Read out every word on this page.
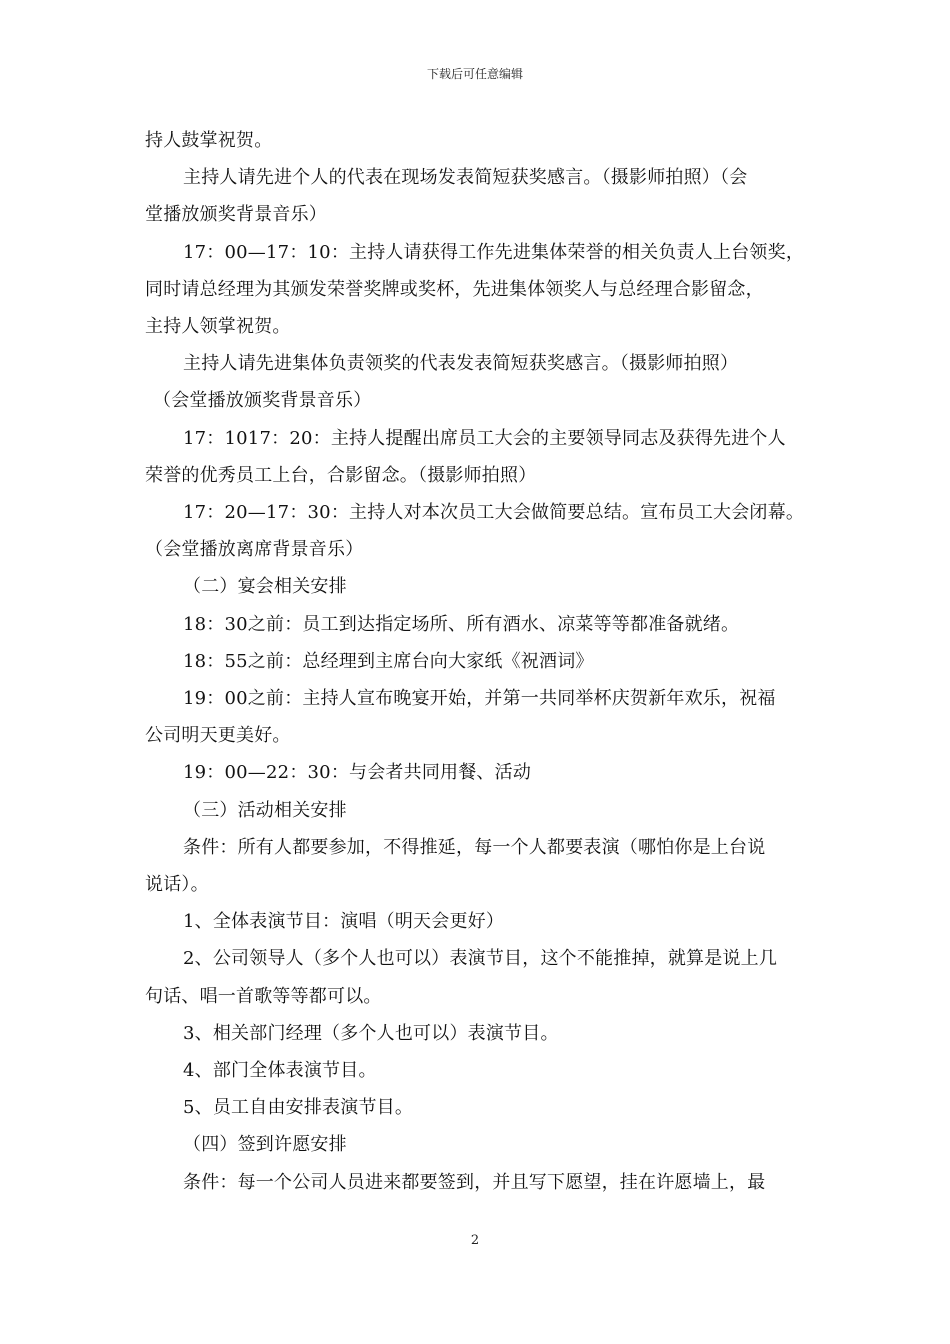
下载后可任意编辑

持人鼓掌祝贺。

主持人请先进个人的代表在现场发表简短获奖感言。（摄影师拍照）（会

堂播放颁奖背景音乐）

17：00—17：10：主持人请获得工作先进集体荣誉的相关负责人上台领奖，

同时请总经理为其颁发荣誉奖牌或奖杯，先进集体领奖人与总经理合影留念，

主持人领掌祝贺。

主持人请先进集体负责领奖的代表发表简短获奖感言。（摄影师拍照）

（会堂播放颁奖背景音乐）

17：1017：20：主持人提醒出席员工大会的主要领导同志及获得先进个人

荣誉的优秀员工上台，合影留念。（摄影师拍照）

17：20—17：30：主持人对本次员工大会做简要总结。宣布员工大会闭幕。

（会堂播放离席背景音乐）

（二）宴会相关安排

18：30之前：员工到达指定场所、所有酒水、凉菜等等都准备就绪。

18：55之前：总经理到主席台向大家纸《祝酒词》

19：00之前：主持人宣布晚宴开始，并第一共同举杯庆贺新年欢乐，祝福

公司明天更美好。

19：00—22：30：与会者共同用餐、活动

（三）活动相关安排

条件：所有人都要参加，不得推延，每一个人都要表演（哪怕你是上台说

说话）。

1、全体表演节目：演唱（明天会更好）

2、公司领导人（多个人也可以）表演节目，这个不能推掉，就算是说上几

句话、唱一首歌等等都可以。

3、相关部门经理（多个人也可以）表演节目。

4、部门全体表演节目。

5、员工自由安排表演节目。

（四）签到许愿安排

条件：每一个公司人员进来都要签到，并且写下愿望，挂在许愿墙上，最

2
